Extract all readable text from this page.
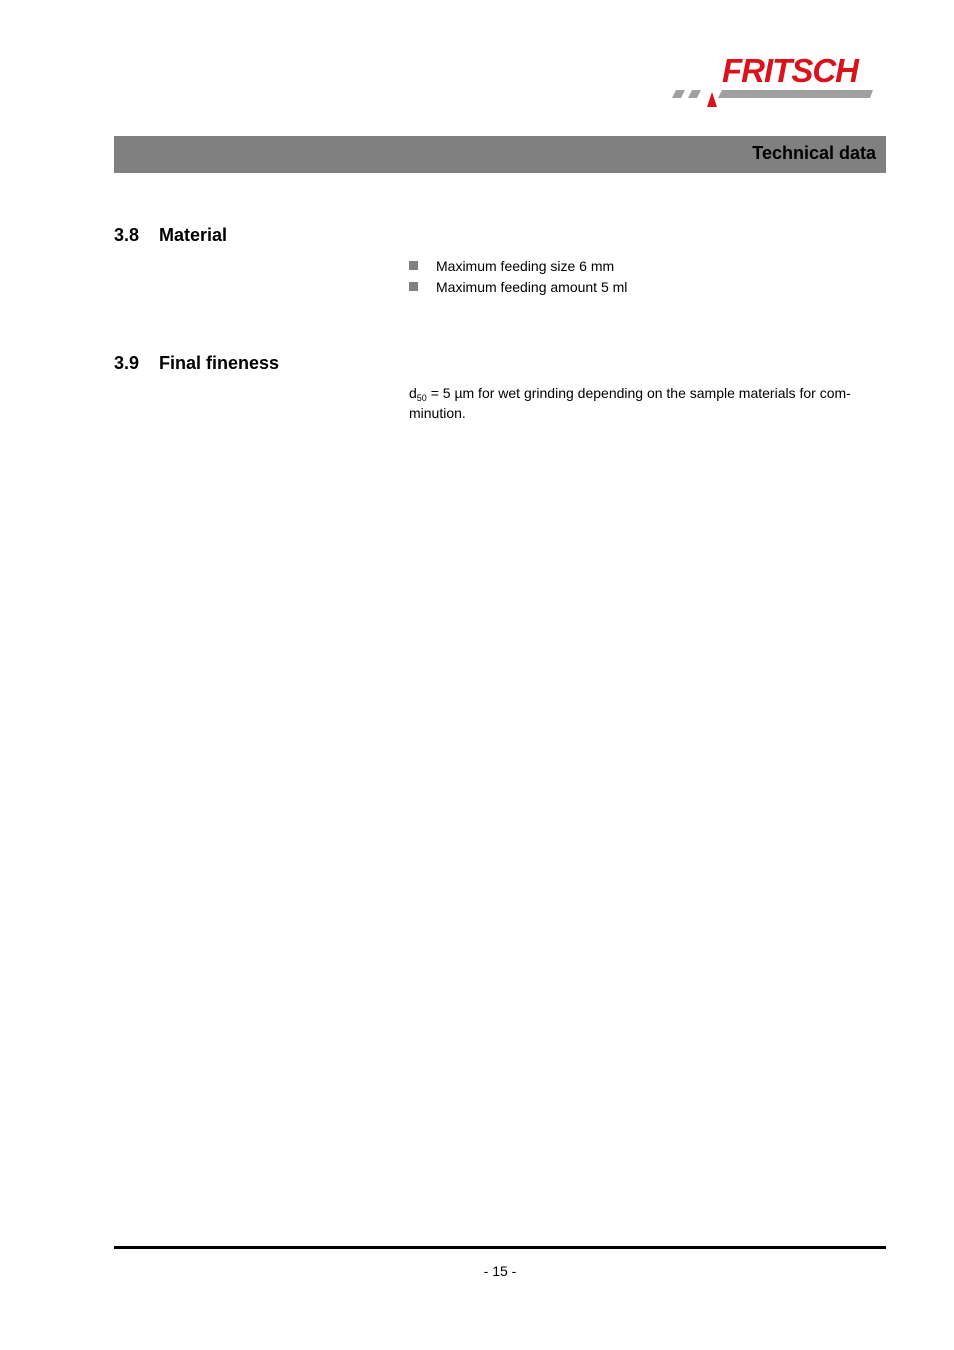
FRITSCH
Technical data
3.8 Material
Maximum feeding size 6 mm
Maximum feeding amount 5 ml
3.9 Final fineness
$d_{50} = 5$ µm for wet grinding depending on the sample materials for com-
minution.
- 15 -
